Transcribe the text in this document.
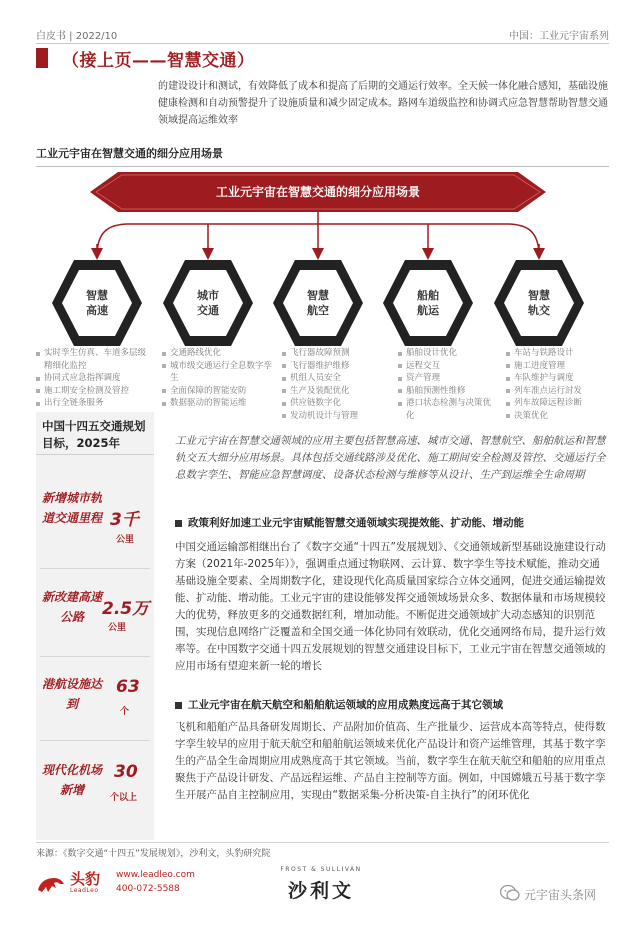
白皮书 | 2022/10	中国：工业元宇宙系列
（接上页——智慧交通）
的建设设计和测试，有效降低了成本和提高了后期的交通运行效率。全天候一体化融合感知，基础设施健康检测和自动预警提升了设施质量和减少固定成本。路网车道级监控和协调式应急智慧帮助智慧交通领域提高运维效率
工业元宇宙在智慧交通的细分应用场景
工业元宇宙在智慧交通的细分应用场景
智慧高速
城市交通
智慧航空
船舶航运
智慧轨交
实时孪生仿真、车道多层级精细化监控
协同式应急指挥调度
施工期安全检测及管控
出行全链条服务
交通路线优化
城市级交通运行全息数字孪生
全面保障的智能安防
数据驱动的智能运维
飞行器故障预测
飞行器维护维修
机组人员安全
生产及装配优化
供应链数字化
发动机设计与管理
船舶设计优化
远程交互
资产管理
船舶预测性维修
港口状态检测与决策优化
车站与铁路设计
施工进度管理
车队维护与调度
列车准点运行討发
列车故障远程诊断
决策优化
中国十四五交通规划目标，2025年
新增城市轨道交通里程 3千
公里
新改建高速公路	2.5万
公里
港航设施达到
63
个
现代化机场新增
30
个以上
工业元宇宙在智慧交通领域的应用主要包括智慧高速、城市交通、智慧航空、船舶航运和智慧轨交五大细分应用场景。具体包括交通线路涉及优化、施工期间安全检测及管控、交通运行全息数字孪生、智能应急智慧调度、设备状态检测与维修等从设计、生产到运维全生命周期
政策利好加速工业元宇宙赋能智慧交通领域实现提效能、扩动能、增动能
中国交通运输部相继出台了《数字交通“十四五”发展规划》、《交通领域新型基础设施建设行动方案（2021年-2025年）》，强调重点通过物联网、云计算、数字孪生等技术赋能，推动交通基础设施全要素、全周期数字化，建设现代化高质量国家综合立体交通网，促进交通运输提效能、扩动能、增动能。工业元宇宙的建设能够发挥交通领域场景众多、数据体量和市场规模较大的优势，释放更多的交通数据红利，增加动能。不断促进交通领域扩大动态感知的识别范围，实现信息网络广泛覆盖和全国交通一体化协同有效联动，优化交通网络布局，提升运行效率等。在中国数字交通十四五发展规划的智慧交通建设目标下，工业元宇宙在智慧交通领域的应用市场有望迎来新一轮的增长
工业元宇宙在航天航空和船舶航运领域的应用成熟度远高于其它领域
飞机和船舶产品具备研发周期长、产品附加价值高、生产批量少、运营成本高等特点，使得数字孪生较早的应用于航天航空和船舶航运领域来优化产品设计和资产运维管理，其基于数字孪生的产品全生命周期应用成熟度高于其它领域。当前，数字孪生在航天航空和船舶的应用重点聚焦于产品设计研发、产品远程运维、产品自主控制等方面。例如，中国嫦娥五号基于数字孪生开展产品自主控制应用，实现由“数据采集-分析决策-自主执行”的闭环优化
来源：《数字交通“十四五”发展规划》，沙利文，头豹研究院
头豹
LeadLeo
www.leadleo.com
400-072-5588
FROST & SULLIVAN
沙利文	元宇宙头条网
